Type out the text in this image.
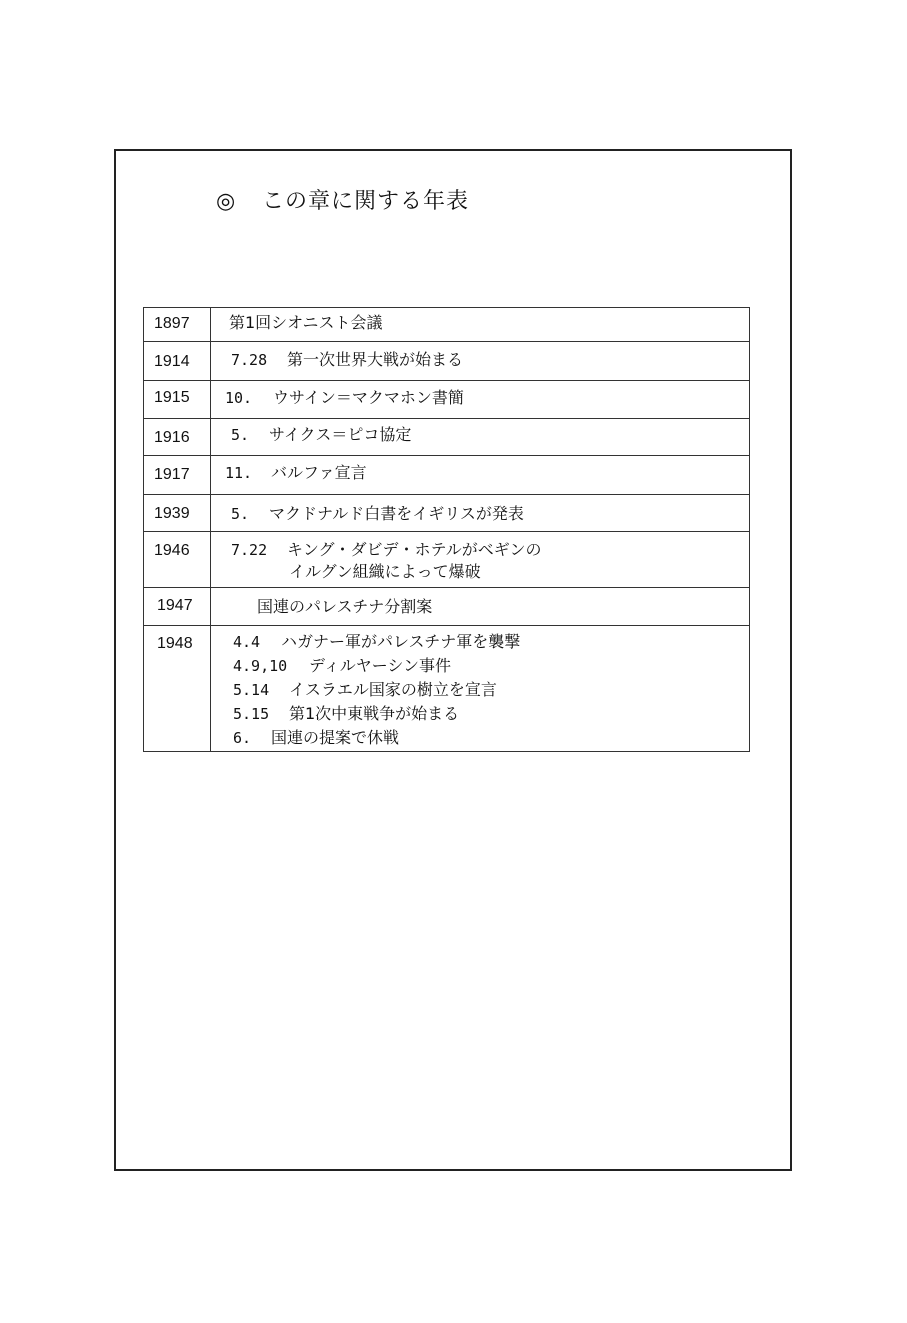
◎ この章に関する年表
1897	第1回シオニスト会議

1914	7.28 第一次世界大戦が始まる

1915	10. ウサイン＝マクマホン書簡

1916	5. サイクス＝ピコ協定

1917	11. バルファ宣言

1939	5. マクドナルド白書をイギリスが発表

1946	7.22 キング・ダビデ・ホテルがベギンの
イルグン組織によって爆破

1947	国連のパレスチナ分割案

1948	4.4 ハガナー軍がパレスチナ軍を襲撃
4.9,10 ディルヤーシン事件
5.14 イスラエル国家の樹立を宣言
5.15 第1次中東戦争が始まる
6. 国連の提案で休戦
